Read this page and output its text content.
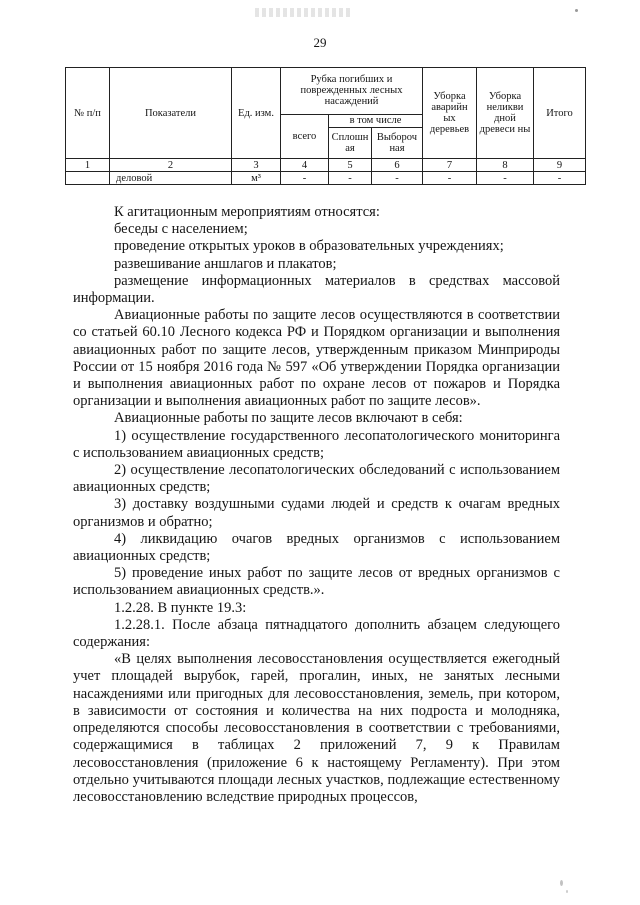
29
№ п/п	Показатели	Ед. изм.	Рубка погибших и поврежденных лесных насаждений			Уборка аварийн ых деревьев	Уборка неликви дной древеси ны	Итого
			всего	в том числе				
				Сплошн ая	Выбороч ная			
1	2	3	4	5	6	7	8	9
	деловой	м³	-	-	-	-	-	-

К агитационным мероприятиям относятся:

беседы с населением;

проведение открытых уроков в образовательных учреждениях;

развешивание аншлагов и плакатов;

размещение информационных материалов в средствах массовой информации.

Авиационные работы по защите лесов осуществляются в соответствии со статьей 60.10 Лесного кодекса РФ и Порядком организации и выполнения авиационных работ по защите лесов, утвержденным приказом Минприроды России от 15 ноября 2016 года № 597 «Об утверждении Порядка организации и выполнения авиационных работ по охране лесов от пожаров и Порядка организации и выполнения авиационных работ по защите лесов».

Авиационные работы по защите лесов включают в себя:

1) осуществление государственного лесопатологического мониторинга с использованием авиационных средств;

2) осуществление лесопатологических обследований с использованием авиационных средств;

3) доставку воздушными судами людей и средств к очагам вредных организмов и обратно;

4) ликвидацию очагов вредных организмов с использованием авиационных средств;

5) проведение иных работ по защите лесов от вредных организмов с использованием авиационных средств.».

1.2.28. В пункте 19.3:

1.2.28.1. После абзаца пятнадцатого дополнить абзацем следующего содержания:

«В целях выполнения лесовосстановления осуществляется ежегодный учет площадей вырубок, гарей, прогалин, иных, не занятых лесными насаждениями или пригодных для лесовосстановления, земель, при котором, в зависимости от состояния и количества на них подроста и молодняка, определяются способы лесовосстановления в соответствии с требованиями, содержащимися в таблицах 2 приложений 7, 9 к Правилам лесовосстановления (приложение 6 к настоящему Регламенту). При этом отдельно учитываются площади лесных участков, подлежащие естественному лесовосстановлению вследствие природных процессов,
